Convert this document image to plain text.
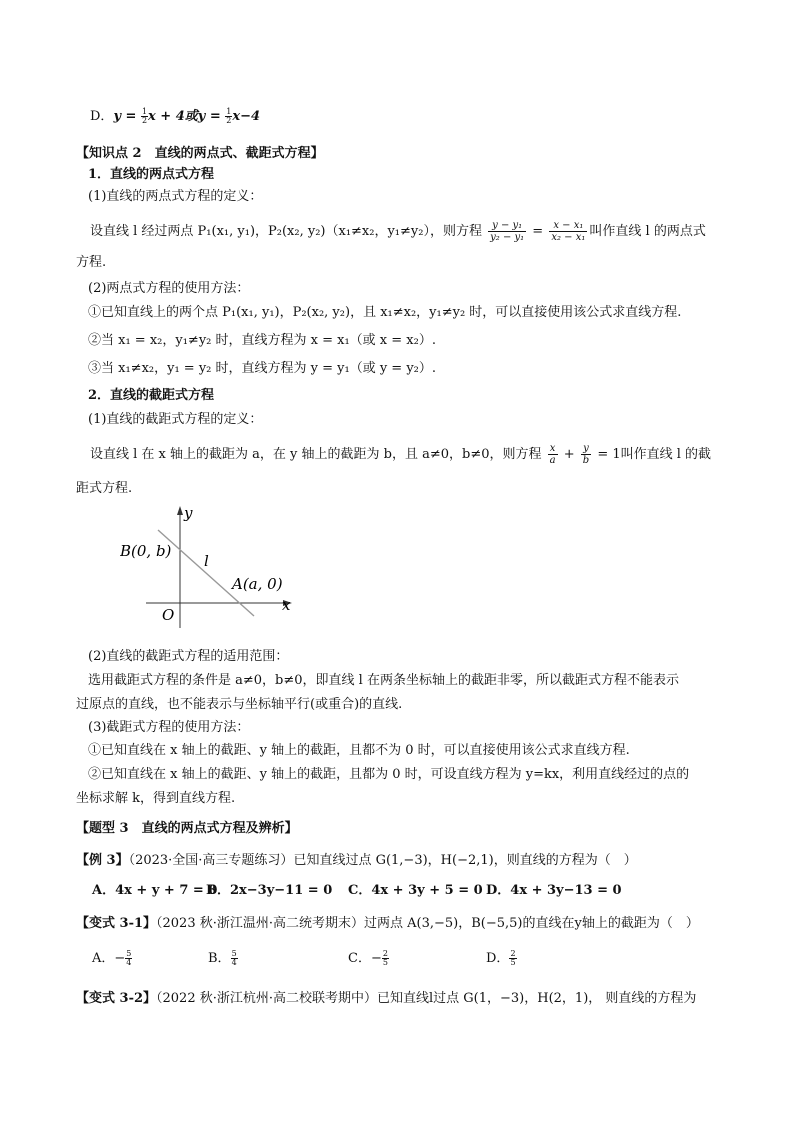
D．$y = \frac{1}{2}$ x + 4或$y = \frac{1}{2} x-4$
【知识点 2　直线的两点式、截距式方程】
1．直线的两点式方程
(1)直线的两点式方程的定义：
设直线 l 经过两点 P₁(x₁, y₁)，P₂(x₂, y₂)（x₁≠x₂，y₁≠y₂），则方程 $\frac{\text{y − y₁}}{\text{y₂ − y₁}} = \frac{\text{x − x₁}}{\text{x₂ − x₁}}$ 叫作直线 l 的两点式
方程.
(2)两点式方程的使用方法：
①已知直线上的两个点 P₁(x₁, y₁)，P₂(x₂, y₂)，且 x₁≠x₂，y₁≠y₂ 时，可以直接使用该公式求直线方程.
②当 x₁ = x₂，y₁≠y₂ 时，直线方程为 x = x₁（或 x = x₂）.
③当 x₁≠x₂，y₁ = y₂ 时，直线方程为 y = y₁（或 y = y₂）.
2．直线的截距式方程
(1)直线的截距式方程的定义：
设直线 l 在 x 轴上的截距为 a，在 y 轴上的截距为 b，且 a≠0，b≠0，则方程 $\frac{x}{a} + \frac{y}{b} = 1$叫作直线 l 的截
距式方程.
y
x
O
B(0, b)
A(a, 0)
l
(2)直线的截距式方程的适用范围：
选用截距式方程的条件是 a≠0，b≠0，即直线 l 在两条坐标轴上的截距非零，所以截距式方程不能表示
过原点的直线，也不能表示与坐标轴平行(或重合)的直线.
(3)截距式方程的使用方法：
①已知直线在 x 轴上的截距、y 轴上的截距，且都不为 0 时，可以直接使用该公式求直线方程.
②已知直线在 x 轴上的截距、y 轴上的截距，且都为 0 时，可设直线方程为 y=kx，利用直线经过的点的
坐标求解 k，得到直线方程.
【题型 3　直线的两点式方程及辨析】
【例 3】（2023·全国·高三专题练习）已知直线过点 G(1,−3)，H(−2,1)，则直线的方程为（　）
A．4x + y + 7 = 0
B．2x−3y−11 = 0 C．4x + 3y + 5 = 0 D．4x + 3y−13 = 0
【变式 3-1】（2023 秋·浙江温州·高二统考期末）过两点 A(3,−5)，B(−5,5)的直线在y轴上的截距为（　）
A．− $\frac{5}{4}$	B． $\frac{5}{4}$	C．− $\frac{2}{5}$	D． $\frac{2}{5}$
【变式 3-2】（2022 秋·浙江杭州·高二校联考期中）已知直线l过点 G(1，−3)，H(2，1)， 则直线的方程为
